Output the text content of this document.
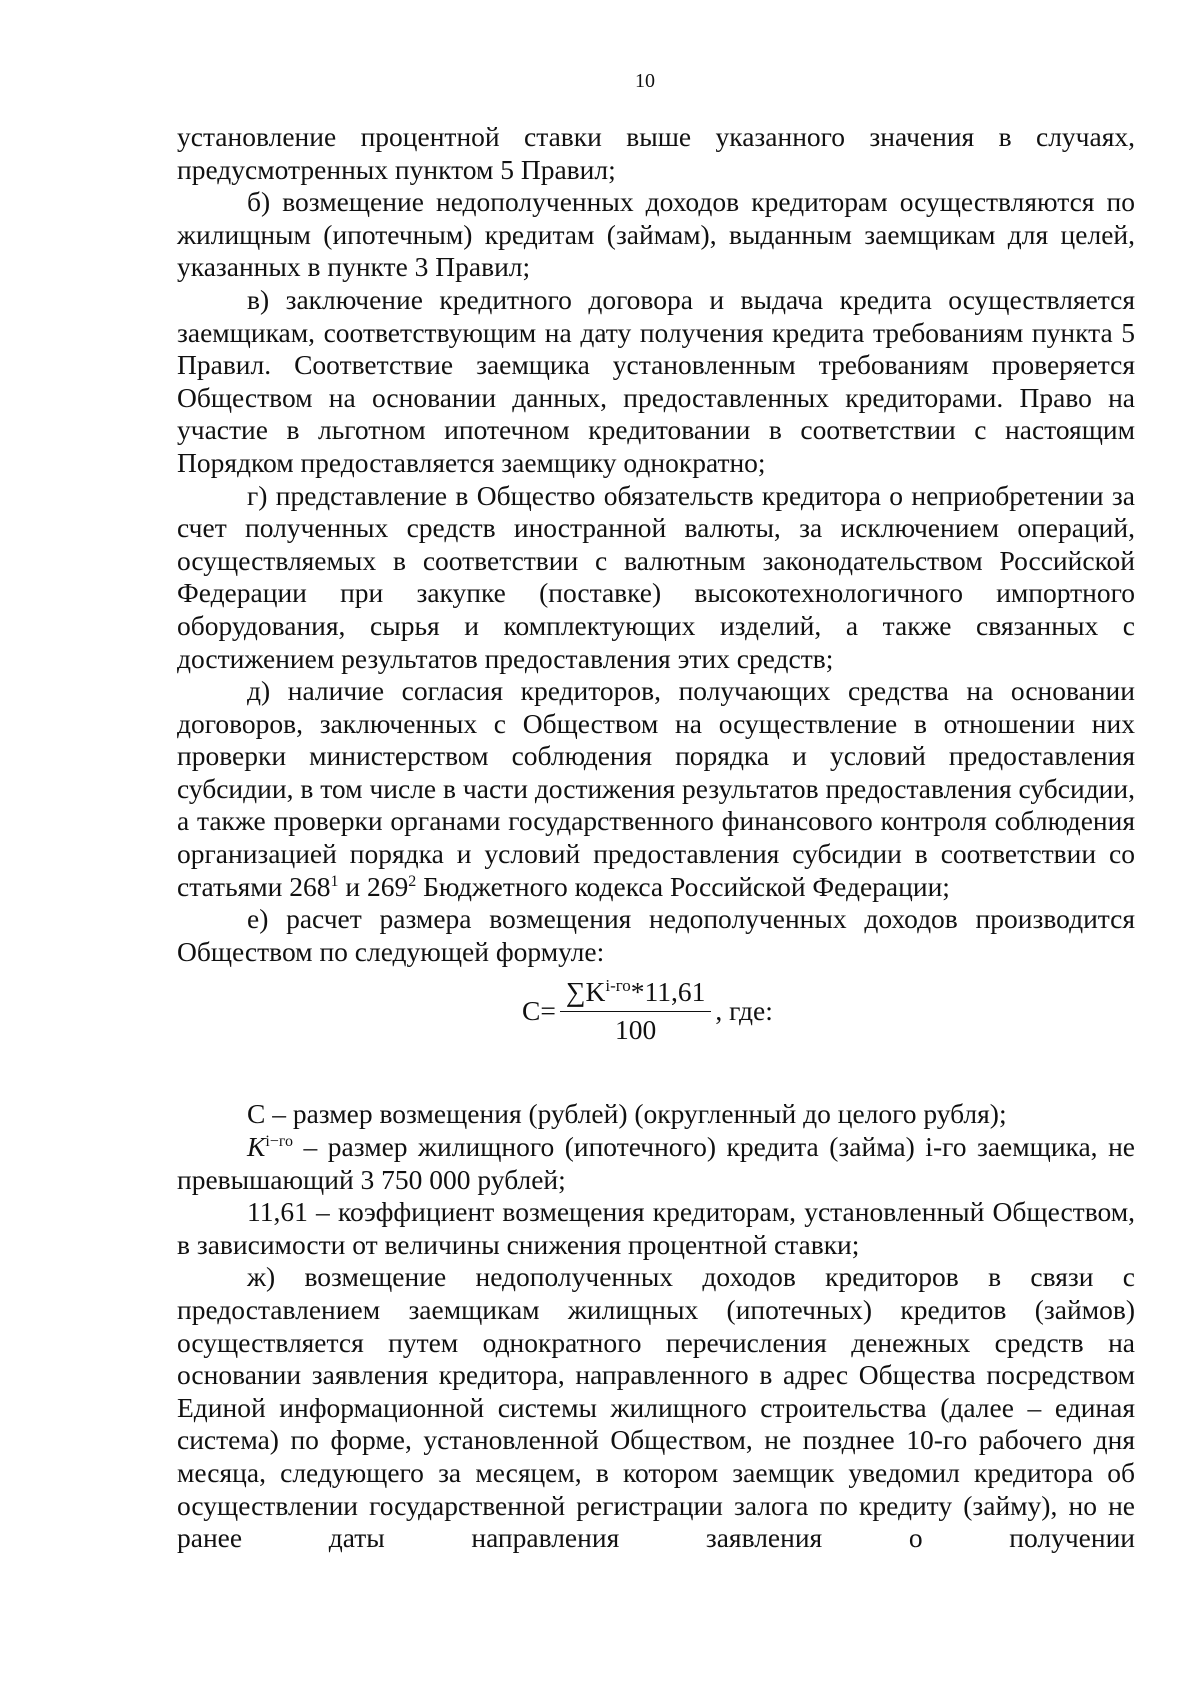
10

установление процентной ставки выше указанного значения в случаях, предусмотренных пунктом 5 Правил;

б) возмещение недополученных доходов кредиторам осуществляются по жилищным (ипотечным) кредитам (займам), выданным заемщикам для целей, указанных в пункте 3 Правил;

в) заключение кредитного договора и выдача кредита осуществляется заемщикам, соответствующим на дату получения кредита требованиям пункта 5 Правил. Соответствие заемщика установленным требованиям проверяется Обществом на основании данных, предоставленных кредиторами. Право на участие в льготном ипотечном кредитовании в соответствии с настоящим Порядком предоставляется заемщику однократно;

г) представление в Общество обязательств кредитора о неприобретении за счет полученных средств иностранной валюты, за исключением операций, осуществляемых в соответствии с валютным законодательством Российской Федерации при закупке (поставке) высокотехнологичного импортного оборудования, сырья и комплектующих изделий, а также связанных с достижением результатов предоставления этих средств;

д) наличие согласия кредиторов, получающих средства на основании договоров, заключенных с Обществом на осуществление в отношении них проверки министерством соблюдения порядка и условий предоставления субсидии, в том числе в части достижения результатов предоставления субсидии, а также проверки органами государственного финансового контроля соблюдения организацией порядка и условий предоставления субсидии в соответствии со статьями $268^1$ и $269^2$ Бюджетного кодекса Российской Федерации;

е) расчет размера возмещения недополученных доходов производится Обществом по следующей формуле:

$C= \frac{\sum K^{i-го}*11,61}{100}$ , где:

С – размер возмещения (рублей) (округленный до целого рубля);

$K^{i-го}$ – размер жилищного (ипотечного) кредита (займа) i-го заемщика, не превышающий 3 750 000 рублей;

11,61 – коэффициент возмещения кредиторам, установленный Обществом, в зависимости от величины снижения процентной ставки;

ж) возмещение недополученных доходов кредиторов в связи с предоставлением заемщикам жилищных (ипотечных) кредитов (займов) осуществляется путем однократного перечисления денежных средств на основании заявления кредитора, направленного в адрес Общества посредством Единой информационной системы жилищного строительства (далее – единая система) по форме, установленной Обществом, не позднее 10-го рабочего дня месяца, следующего за месяцем, в котором заемщик уведомил кредитора об осуществлении государственной регистрации залога по кредиту (займу), но не ранее даты направления заявления о получении
